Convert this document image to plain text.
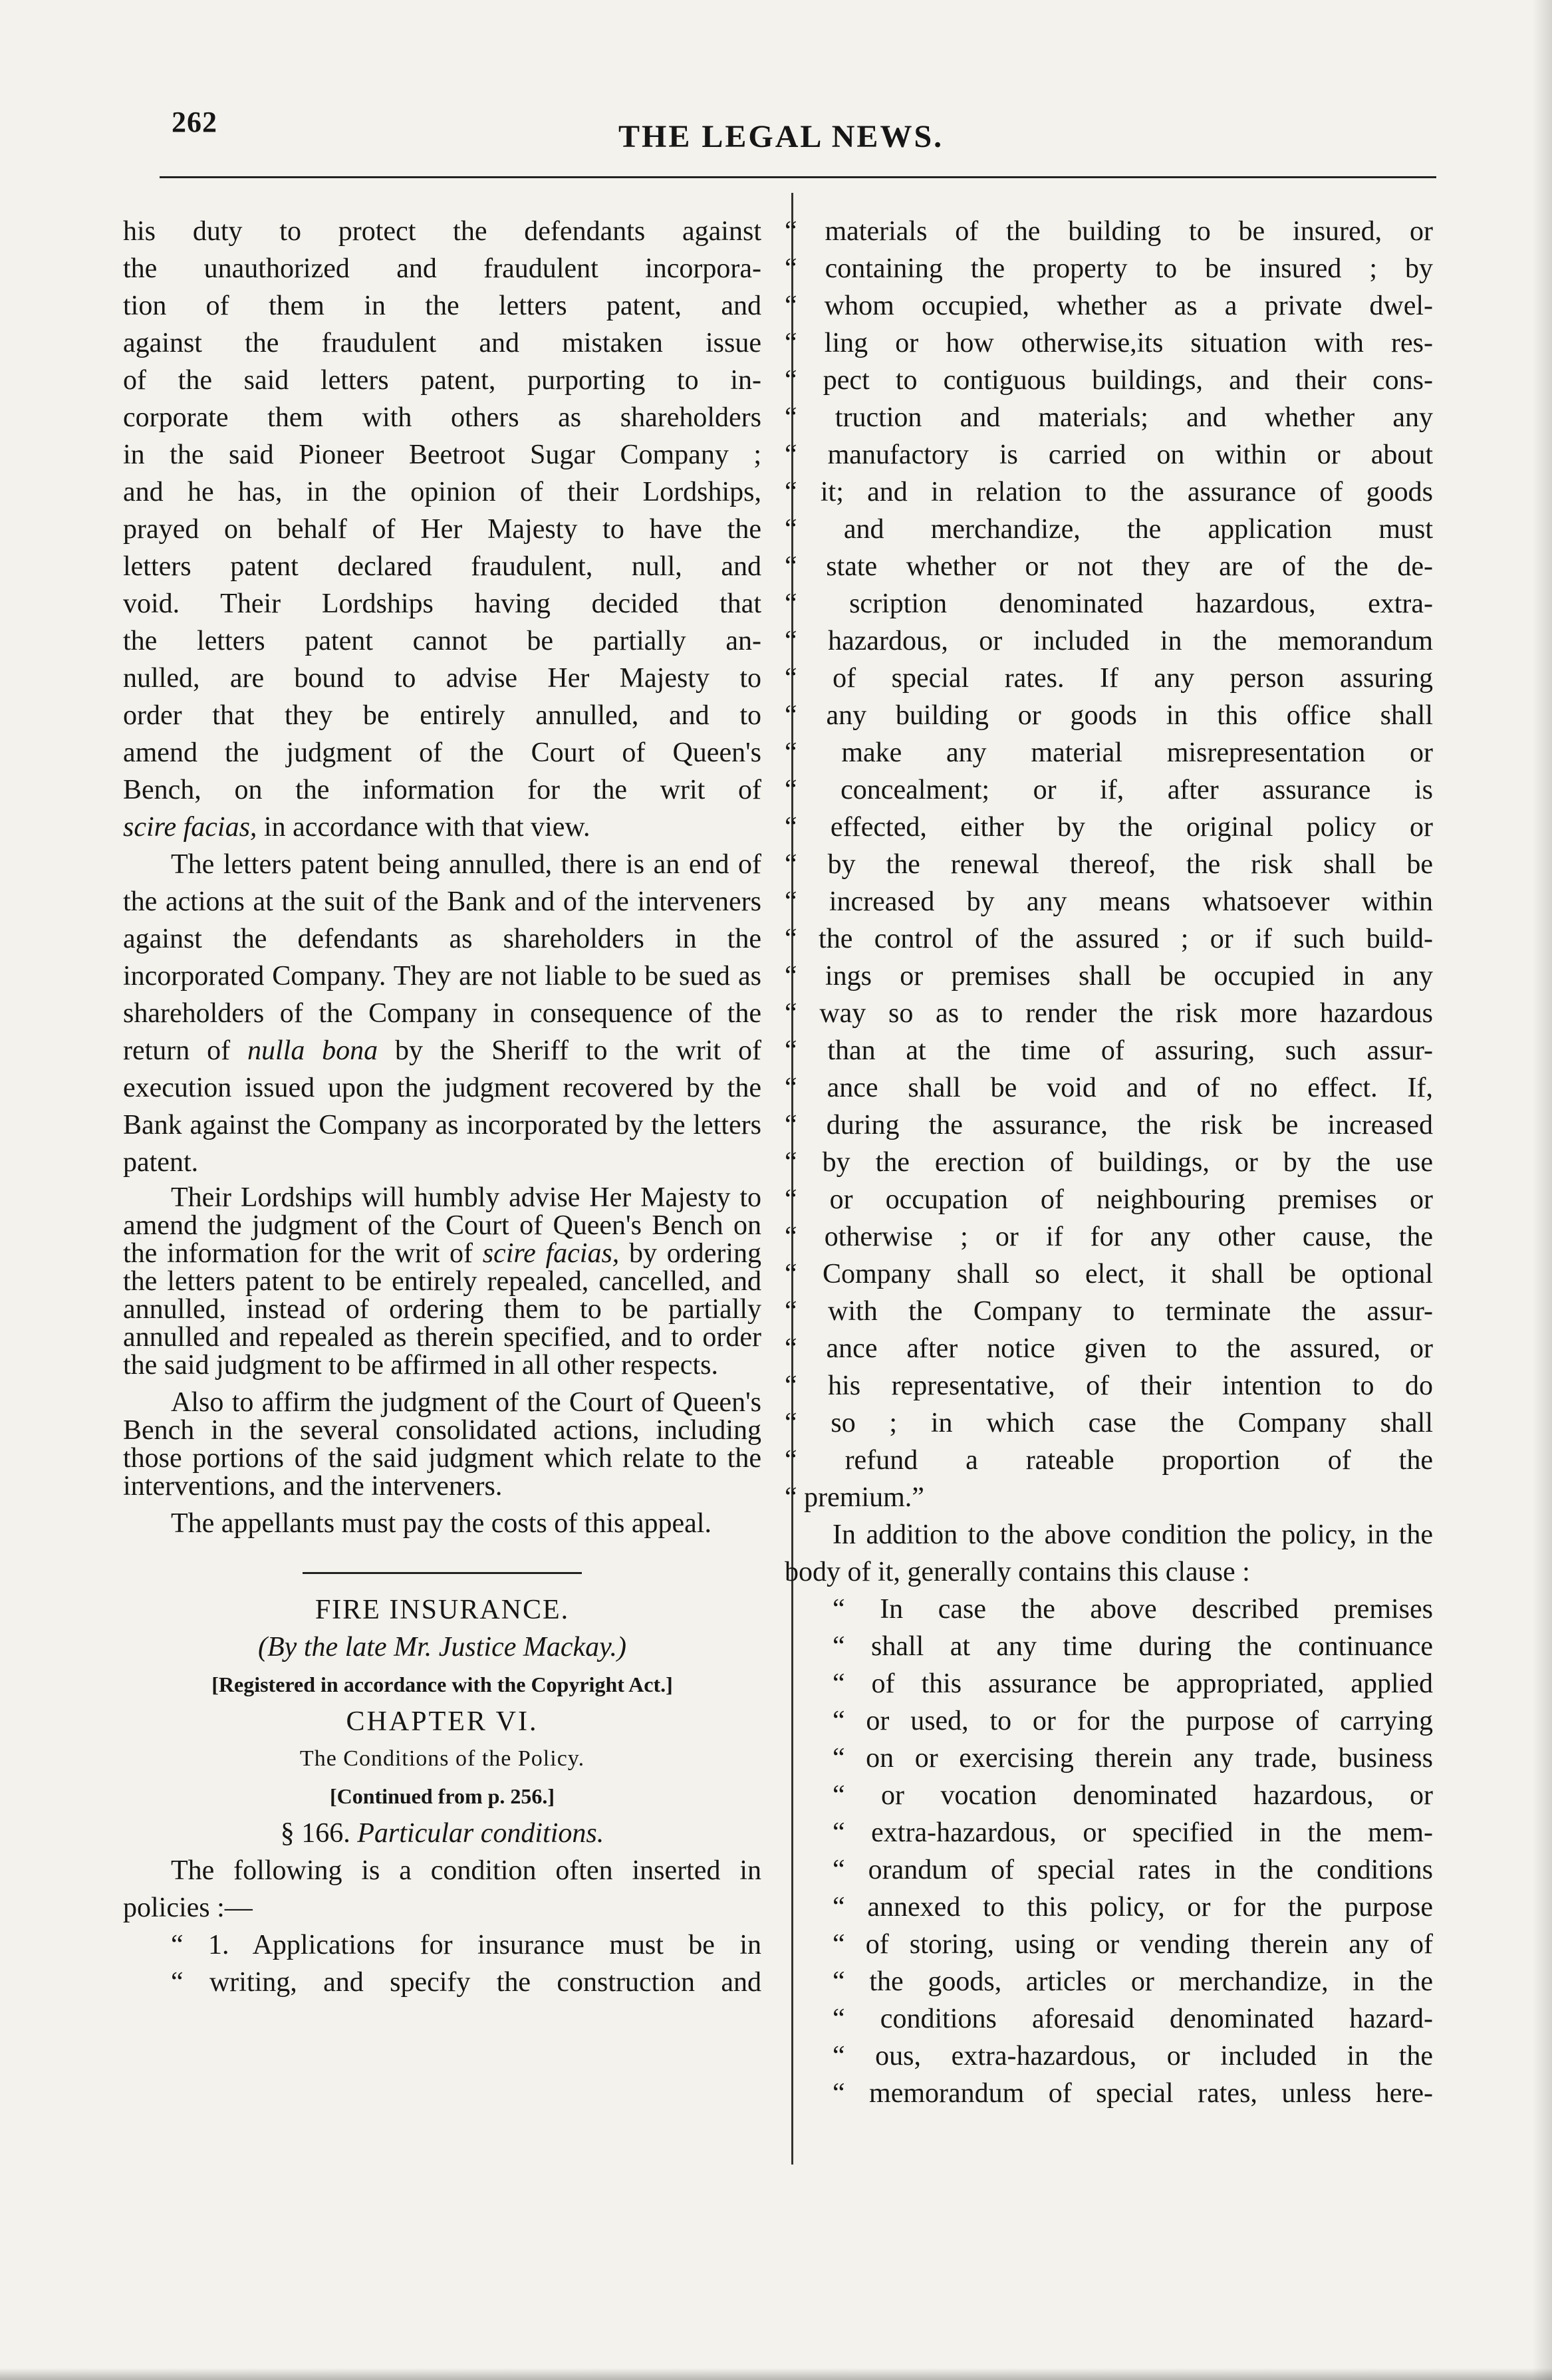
262	THE LEGAL NEWS.

his duty to protect the defendants against
the unauthorized and fraudulent incorpora-
tion of them in the letters patent, and
against the fraudulent and mistaken issue
of the said letters patent, purporting to in-
corporate them with others as shareholders
in the said Pioneer Beetroot Sugar Company ;
and he has, in the opinion of their Lordships,
prayed on behalf of Her Majesty to have the
letters patent declared fraudulent, null, and
void. Their Lordships having decided that
the letters patent cannot be partially an-
nulled, are bound to advise Her Majesty to
order that they be entirely annulled, and to
amend the judgment of the Court of Queen's
Bench, on the information for the writ of
scire facias, in accordance with that view.

The letters patent being annulled, there is an end of the actions at the suit of the Bank and of the interveners against the defendants as shareholders in the incorporated Company. They are not liable to be sued as shareholders of the Company in consequence of the return of nulla bona by the Sheriff to the writ of execution issued upon the judgment recovered by the Bank against the Company as incorporated by the letters patent.

Their Lordships will humbly advise Her Majesty to amend the judgment of the Court of Queen's Bench on the information for the writ of scire facias, by ordering the letters patent to be entirely repealed, cancelled, and annulled, instead of ordering them to be partially annulled and repealed as therein specified, and to order the said judgment to be affirmed in all other respects.

Also to affirm the judgment of the Court of Queen's Bench in the several consolidated actions, including those portions of the said judgment which relate to the interventions, and the interveners.

The appellants must pay the costs of this appeal.

FIRE INSURANCE.
(By the late Mr. Justice Mackay.)
[Registered in accordance with the Copyright Act.]
CHAPTER VI.
The Conditions of the Policy.
[Continued from p. 256.]
§ 166. Particular conditions.

The following is a condition often inserted in policies :—

“ 1. Applications for insurance must be in
“ writing, and specify the construction and

“ materials of the building to be insured, or
“ containing the property to be insured ; by
“ whom occupied, whether as a private dwel-
“ ling or how otherwise,its situation with res-
“ pect to contiguous buildings, and their cons-
“ truction and materials; and whether any
“ manufactory is carried on within or about
“ it; and in relation to the assurance of goods
“ and merchandize, the application must
“ state whether or not they are of the de-
“ scription denominated hazardous, extra-
“ hazardous, or included in the memorandum
“ of special rates. If any person assuring
“ any building or goods in this office shall
“ make any material misrepresentation or
“ concealment; or if, after assurance is
“ effected, either by the original policy or
“ by the renewal thereof, the risk shall be
“ increased by any means whatsoever within
“ the control of the assured ; or if such build-
“ ings or premises shall be occupied in any
“ way so as to render the risk more hazardous
“ than at the time of assuring, such assur-
“ ance shall be void and of no effect. If,
“ during the assurance, the risk be increased
“ by the erection of buildings, or by the use
“ or occupation of neighbouring premises or
“ otherwise ; or if for any other cause, the
“ Company shall so elect, it shall be optional
“ with the Company to terminate the assur-
“ ance after notice given to the assured, or
“ his representative, of their intention to do
“ so ; in which case the Company shall
“ refund a rateable proportion of the
“ premium.”

In addition to the above condition the policy, in the body of it, generally contains this clause :

“ In case the above described premises
“ shall at any time during the continuance
“ of this assurance be appropriated, applied
“ or used, to or for the purpose of carrying
“ on or exercising therein any trade, business
“ or vocation denominated hazardous, or
“ extra-hazardous, or specified in the mem-
“ orandum of special rates in the conditions
“ annexed to this policy, or for the purpose
“ of storing, using or vending therein any of
“ the goods, articles or merchandize, in the
“ conditions aforesaid denominated hazard-
“ ous, extra-hazardous, or included in the
“ memorandum of special rates, unless here-
